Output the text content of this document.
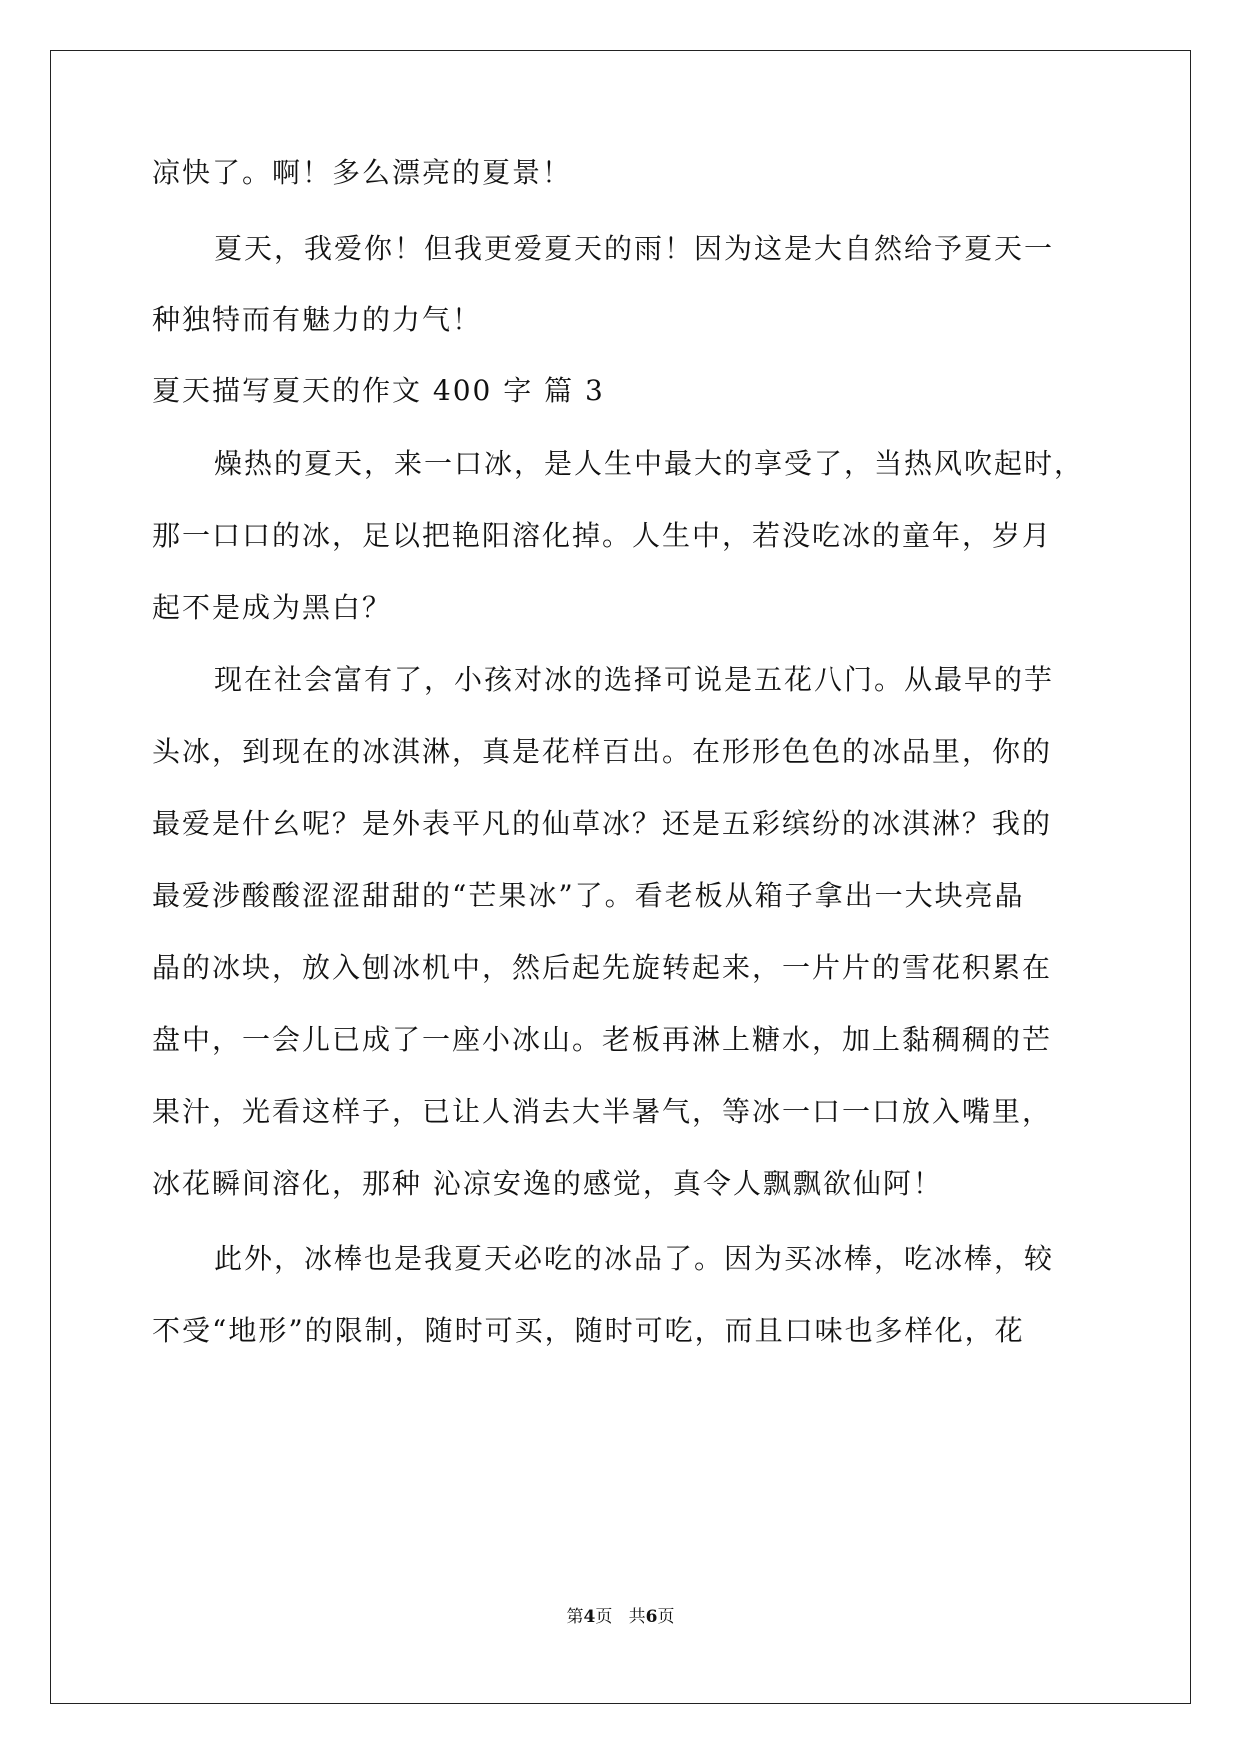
凉快了。啊！多么漂亮的夏景！
夏天，我爱你！但我更爱夏天的雨！因为这是大自然给予夏天一
种独特而有魅力的力气！
夏天描写夏天的作文 400 字 篇 3
燥热的夏天，来一口冰，是人生中最大的享受了，当热风吹起时，
那一口口的冰，足以把艳阳溶化掉。人生中，若没吃冰的童年，岁月
起不是成为黑白？
现在社会富有了，小孩对冰的选择可说是五花八门。从最早的芋
头冰，到现在的冰淇淋，真是花样百出。在形形色色的冰品里，你的
最爱是什幺呢？是外表平凡的仙草冰？还是五彩缤纷的冰淇淋？我的
最爱涉酸酸涩涩甜甜的“芒果冰”了。看老板从箱子拿出一大块亮晶
晶的冰块，放入刨冰机中，然后起先旋转起来，一片片的雪花积累在
盘中，一会儿已成了一座小冰山。老板再淋上糖水，加上黏稠稠的芒
果汁，光看这样子，已让人消去大半暑气，等冰一口一口放入嘴里，
冰花瞬间溶化，那种 沁凉安逸的感觉，真令人飘飘欲仙阿！
此外，冰棒也是我夏天必吃的冰品了。因为买冰棒，吃冰棒，较
不受“地形”的限制，随时可买，随时可吃，而且口味也多样化，花
第4页 共6页
